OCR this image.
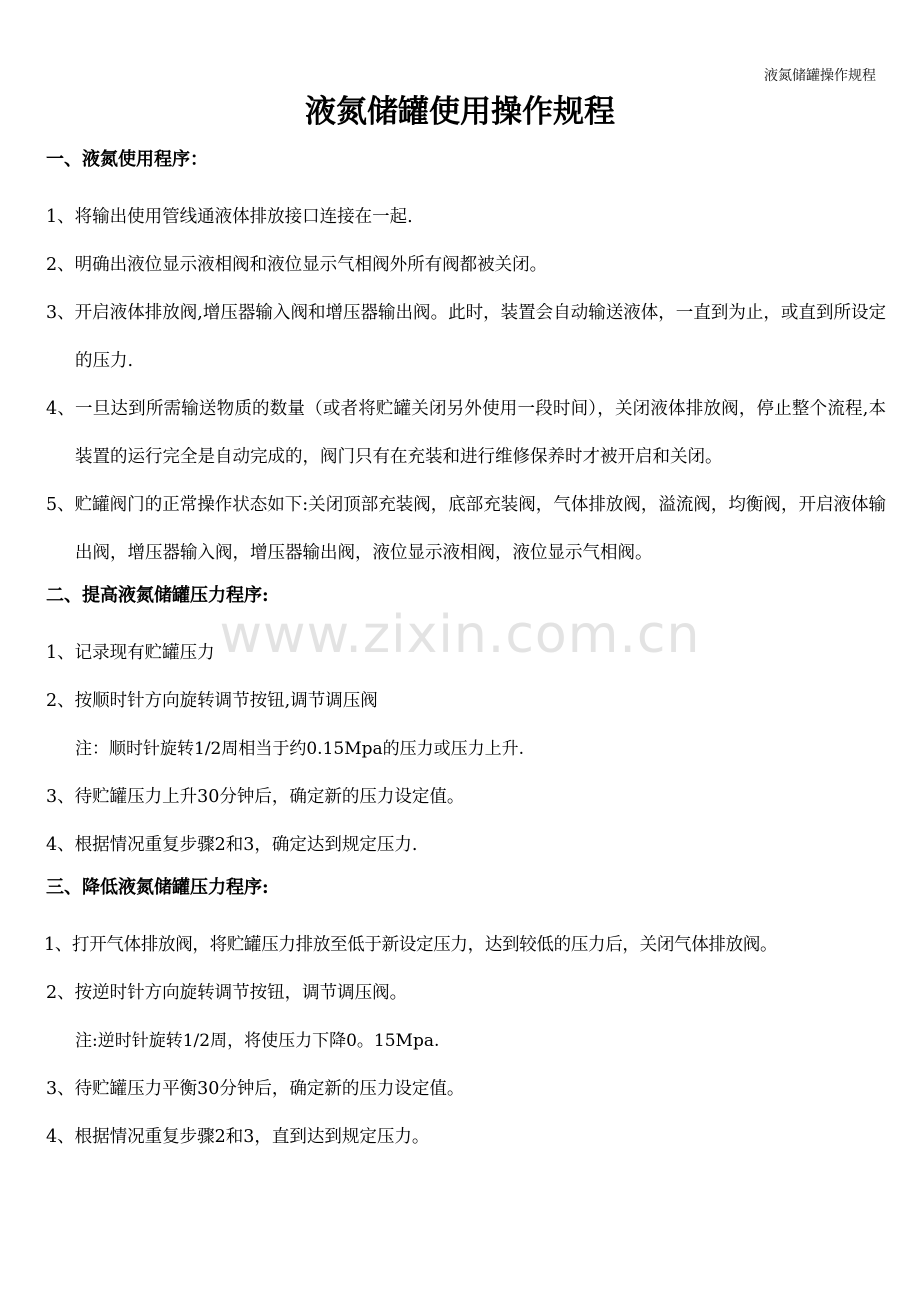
液氮储罐操作规程
液氮储罐使用操作规程
www.zixin.com.cn
一、液氮使用程序：
1、将输出使用管线通液体排放接口连接在一起.
2、明确出液位显示液相阀和液位显示气相阀外所有阀都被关闭。
3、开启液体排放阀,增压器输入阀和增压器输出阀。此时，装置会自动输送液体，一直到为止，或直到所设定的压力.
4、一旦达到所需输送物质的数量（或者将贮罐关闭另外使用一段时间），关闭液体排放阀，停止整个流程,本装置的运行完全是自动完成的，阀门只有在充装和进行维修保养时才被开启和关闭。
5、贮罐阀门的正常操作状态如下:关闭顶部充装阀，底部充装阀，气体排放阀，溢流阀，均衡阀，开启液体输出阀，增压器输入阀，增压器输出阀，液位显示液相阀，液位显示气相阀。
二、提高液氮储罐压力程序:
1、记录现有贮罐压力
2、按顺时针方向旋转调节按钮,调节调压阀
注：顺时针旋转1/2周相当于约0.15Mpa的压力或压力上升.
3、待贮罐压力上升30分钟后，确定新的压力设定值。
4、根据情况重复步骤2和3，确定达到规定压力.
三、降低液氮储罐压力程序:
1、打开气体排放阀，将贮罐压力排放至低于新设定压力，达到较低的压力后，关闭气体排放阀。
2、按逆时针方向旋转调节按钮，调节调压阀。
注:逆时针旋转1/2周，将使压力下降0。15Mpa.
3、待贮罐压力平衡30分钟后，确定新的压力设定值。
4、根据情况重复步骤2和3，直到达到规定压力。
